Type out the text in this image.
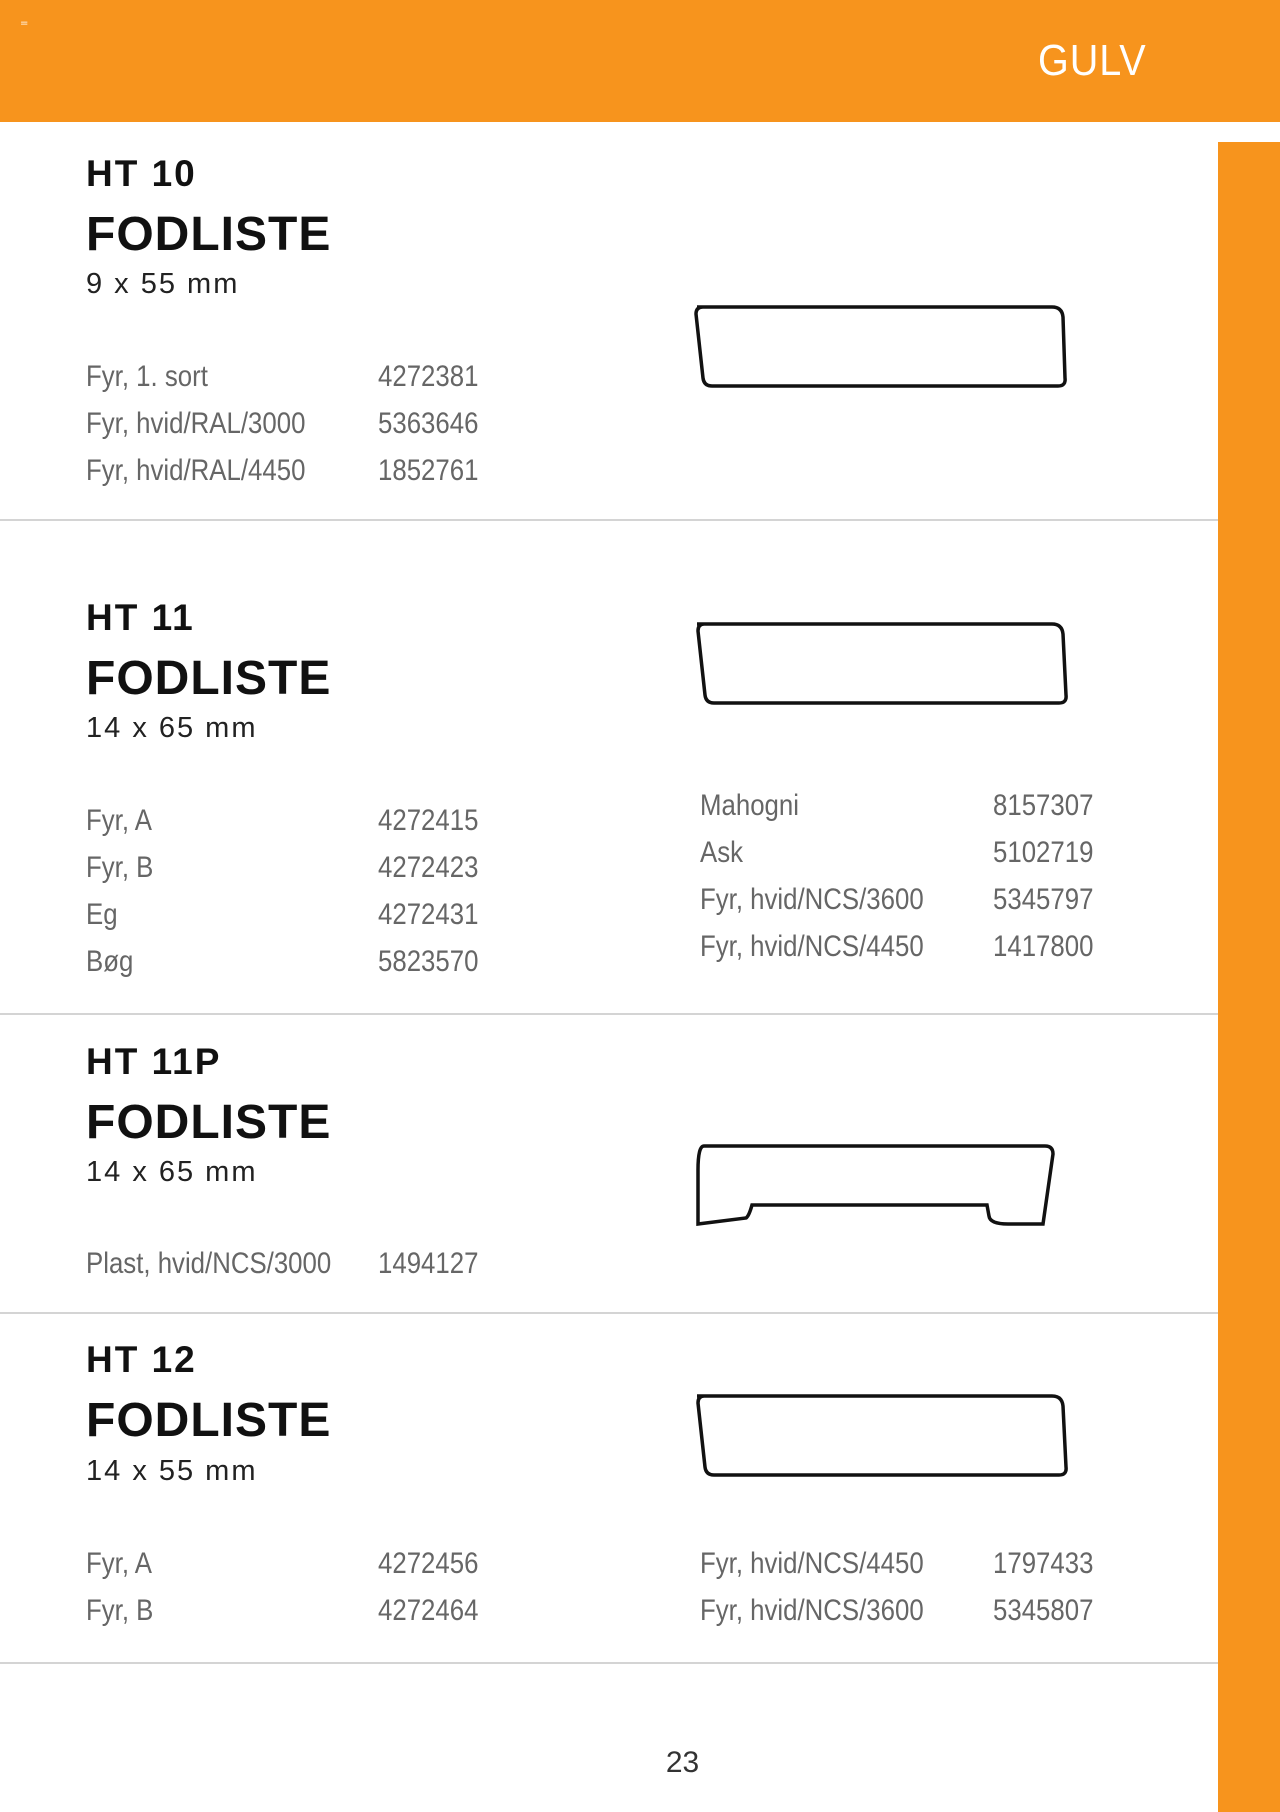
=
GULV
HT 10
FODLISTE
9 x 55 mm
Fyr, 1. sort	4272381
Fyr, hvid/RAL/3000 5363646
Fyr, hvid/RAL/4450 1852761
HT 11
FODLISTE
14 x 65 mm
Fyr, A	4272415
Fyr, B	4272423
Eg	4272431
Bøg	5823570
Mahogni	8157307
Ask	5102719
Fyr, hvid/NCS/3600 5345797
Fyr, hvid/NCS/4450 1417800
HT 11P
FODLISTE
14 x 65 mm
Plast, hvid/NCS/3000 1494127
HT 12
FODLISTE
14 x 55 mm
Fyr, A	4272456
Fyr, B	4272464
Fyr, hvid/NCS/4450 1797433
Fyr, hvid/NCS/3600 5345807
23
